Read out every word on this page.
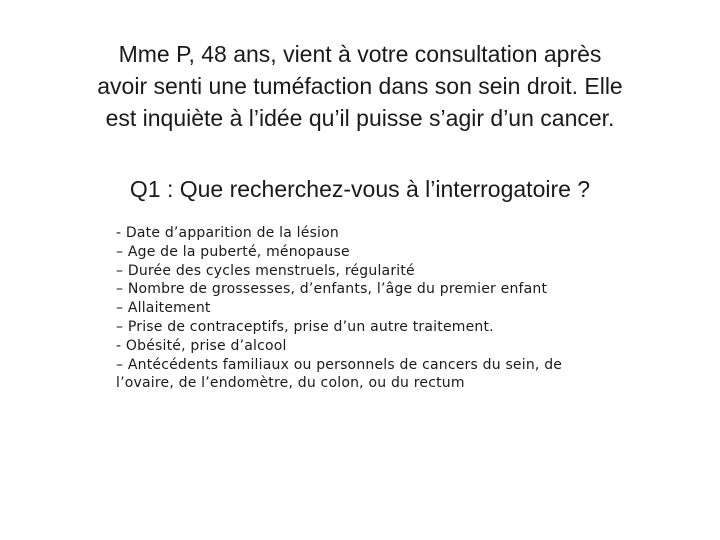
Mme P, 48 ans, vient à votre consultation après
avoir senti une tuméfaction dans son sein droit. Elle
est inquiète à l’idée qu’il puisse s’agir d’un cancer.
Q1 : Que recherchez-vous à l’interrogatoire ?
- Date d’apparition de la lésion
– Age de la puberté, ménopause
– Durée des cycles menstruels, régularité
– Nombre de grossesses, d’enfants, l’âge du premier enfant
– Allaitement
– Prise de contraceptifs, prise d’un autre traitement.
- Obésité, prise d’alcool
– Antécédents familiaux ou personnels de cancers du sein, de l’ovaire, de l’endomètre, du colon, ou du rectum
